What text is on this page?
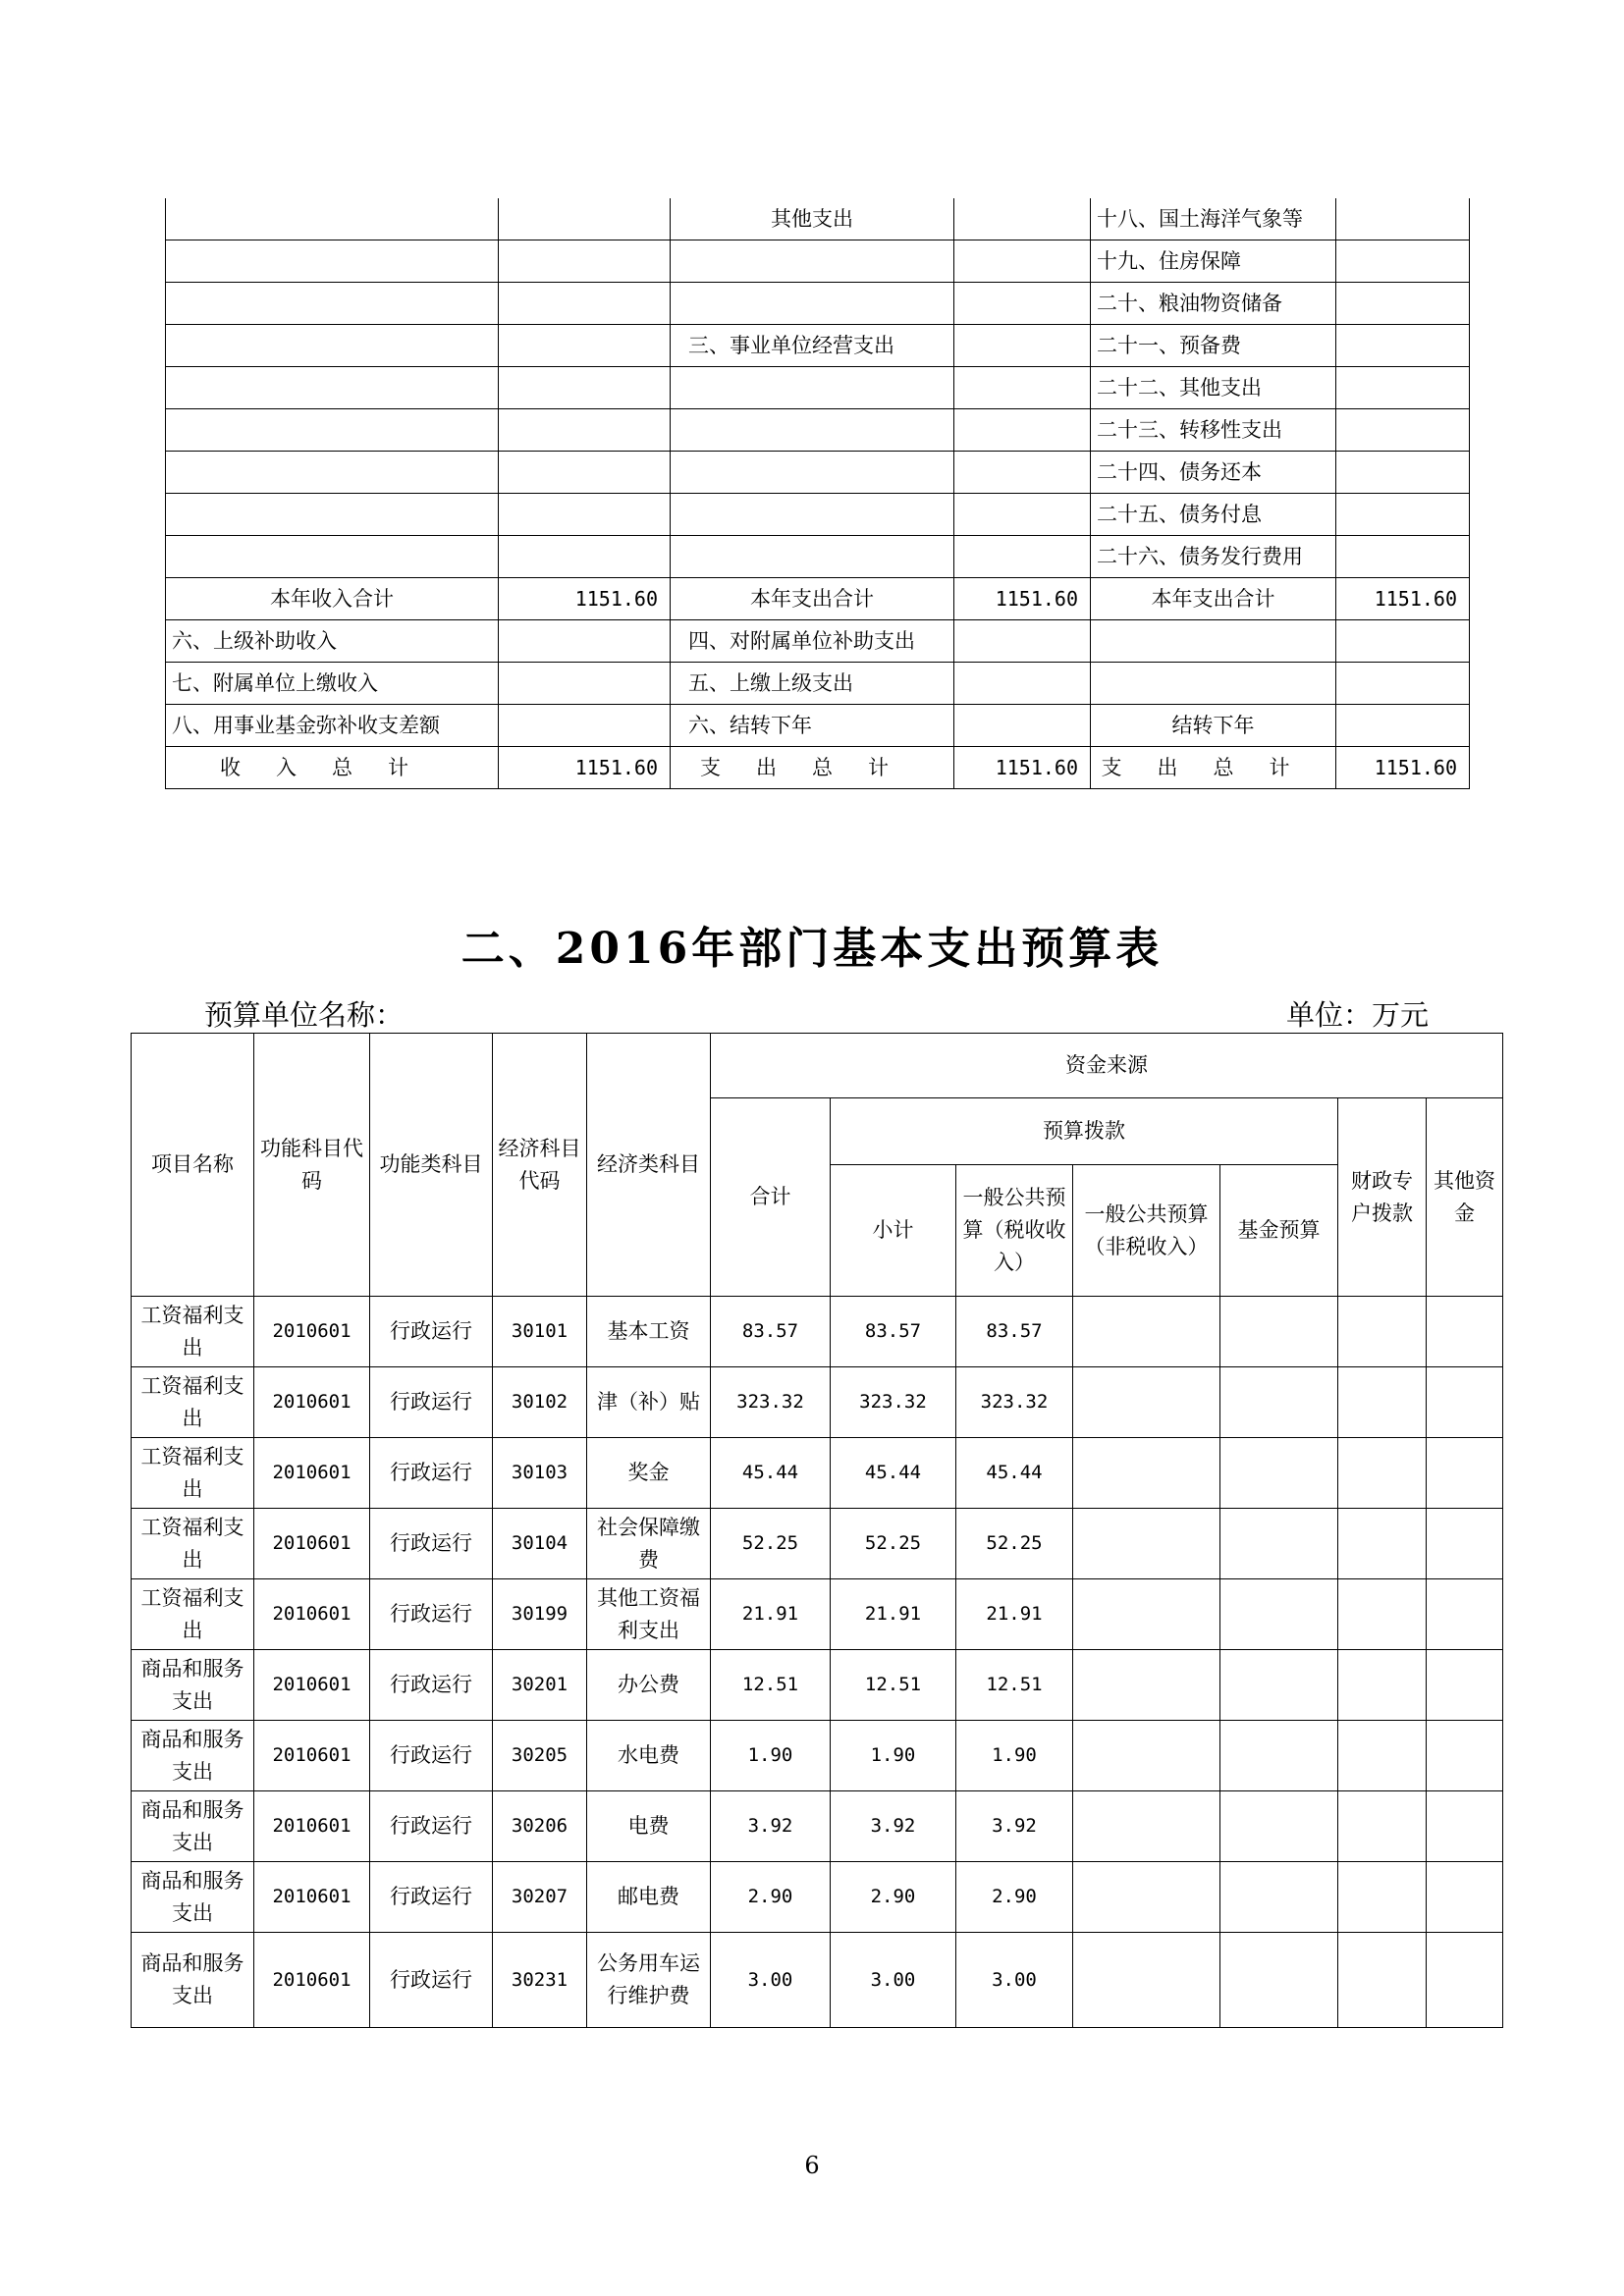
		其他支出		十八、国土海洋气象等	
				十九、住房保障	
				二十、粮油物资储备	
		三、事业单位经营支出		二十一、预备费	
				二十二、其他支出	
				二十三、转移性支出	
				二十四、债务还本	
				二十五、债务付息	
				二十六、债务发行费用	
本年收入合计	1151.60	本年支出合计	1151.60	本年支出合计	1151.60
六、上级补助收入		四、对附属单位补助支出			
七、附属单位上缴收入		五、上缴上级支出			
八、用事业基金弥补收支差额		六、结转下年		结转下年	
收入总计	1151.60	支出总计	1151.60	支出总计	1151.60
二、2016年部门基本支出预算表
预算单位名称：	单位：万元
项目名称	功能科目代码	功能类科目	经济科目代码	经济类科目	资金来源						
					合计	预算拨款				财政专户拨款	其他资金
						小计	一般公共预算（税收收入）	一般公共预算（非税收入）	基金预算		
工资福利支出	2010601	行政运行	30101	基本工资	83.57	83.57	83.57				
工资福利支出	2010601	行政运行	30102	津（补）贴	323.32	323.32	323.32				
工资福利支出	2010601	行政运行	30103	奖金	45.44	45.44	45.44				
工资福利支出	2010601	行政运行	30104	社会保障缴费	52.25	52.25	52.25				
工资福利支出	2010601	行政运行	30199	其他工资福利支出	21.91	21.91	21.91				
商品和服务支出	2010601	行政运行	30201	办公费	12.51	12.51	12.51				
商品和服务支出	2010601	行政运行	30205	水电费	1.90	1.90	1.90				
商品和服务支出	2010601	行政运行	30206	电费	3.92	3.92	3.92				
商品和服务支出	2010601	行政运行	30207	邮电费	2.90	2.90	2.90				
商品和服务支出	2010601	行政运行	30231	公务用车运行维护费	3.00	3.00	3.00				
6
